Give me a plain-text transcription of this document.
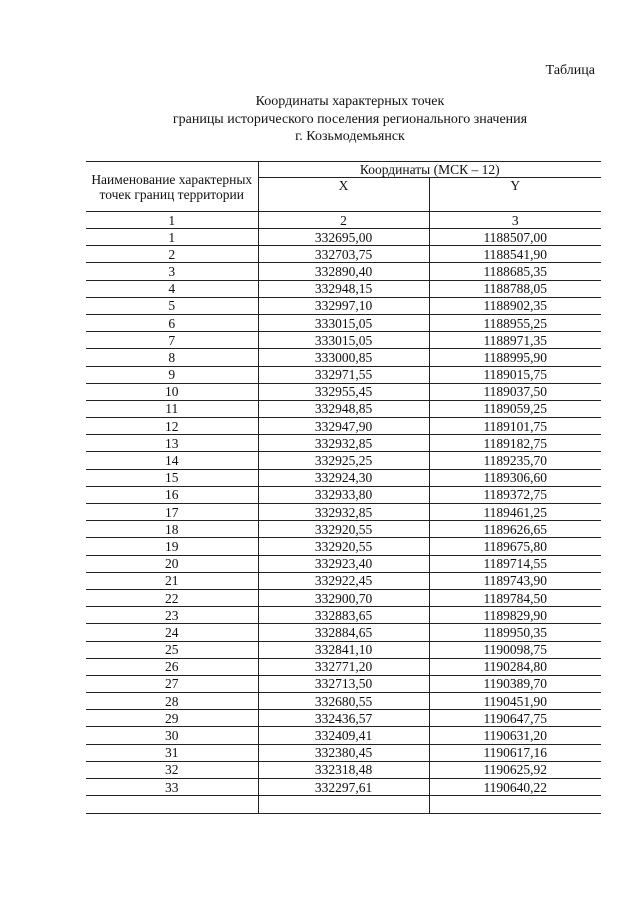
Таблица
Координаты характерных точек
границы исторического поселения регионального значения
г. Козьмодемьянск
Наименование характерных точек границ территории	Координаты (МСК – 12)	
	X	Y
1	2	3
1	332695,00	1188507,00
2	332703,75	1188541,90
3	332890,40	1188685,35
4	332948,15	1188788,05
5	332997,10	1188902,35
6	333015,05	1188955,25
7	333015,05	1188971,35
8	333000,85	1188995,90
9	332971,55	1189015,75
10	332955,45	1189037,50
11	332948,85	1189059,25
12	332947,90	1189101,75
13	332932,85	1189182,75
14	332925,25	1189235,70
15	332924,30	1189306,60
16	332933,80	1189372,75
17	332932,85	1189461,25
18	332920,55	1189626,65
19	332920,55	1189675,80
20	332923,40	1189714,55
21	332922,45	1189743,90
22	332900,70	1189784,50
23	332883,65	1189829,90
24	332884,65	1189950,35
25	332841,10	1190098,75
26	332771,20	1190284,80
27	332713,50	1190389,70
28	332680,55	1190451,90
29	332436,57	1190647,75
30	332409,41	1190631,20
31	332380,45	1190617,16
32	332318,48	1190625,92
33	332297,61	1190640,22
